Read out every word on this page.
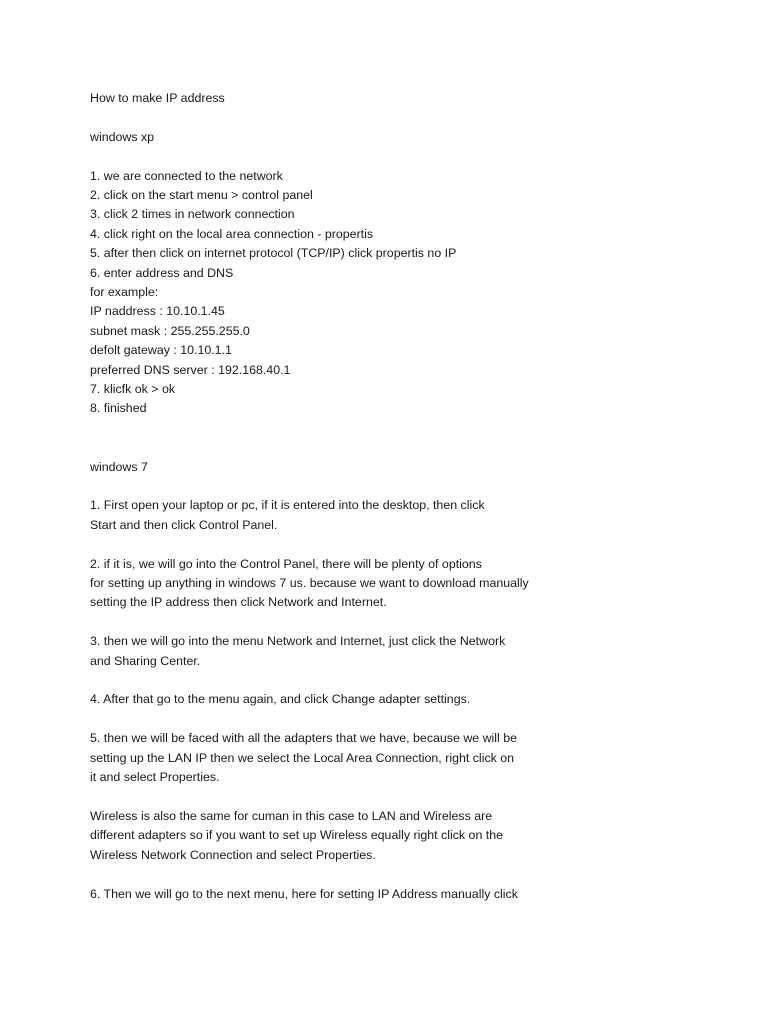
How to make IP address
windows xp
1. we are connected to the network
2. click on the start menu > control panel
3. click 2 times in network connection
4. click right on the local area connection - propertis
5. after then click on internet protocol (TCP/IP) click propertis no IP
6. enter address and DNS
for example:
IP naddress : 10.10.1.45
subnet mask : 255.255.255.0
defolt gateway : 10.10.1.1
preferred DNS server : 192.168.40.1
7. klicfk ok > ok
8. finished
windows 7
1. First open your laptop or pc, if it is entered into the desktop, then click
Start and then click Control Panel.
2. if it is, we will go into the Control Panel, there will be plenty of options
for setting up anything in windows 7 us. because we want to download manually
setting the IP address then click Network and Internet.
3. then we will go into the menu Network and Internet, just click the Network
and Sharing Center.
4. After that go to the menu again, and click Change adapter settings.
5. then we will be faced with all the adapters that we have, because we will be
setting up the LAN IP then we select the Local Area Connection, right click on
it and select Properties.
Wireless is also the same for cuman in this case to LAN and Wireless are
different adapters so if you want to set up Wireless equally right click on the
Wireless Network Connection and select Properties.
6. Then we will go to the next menu, here for setting IP Address manually click
